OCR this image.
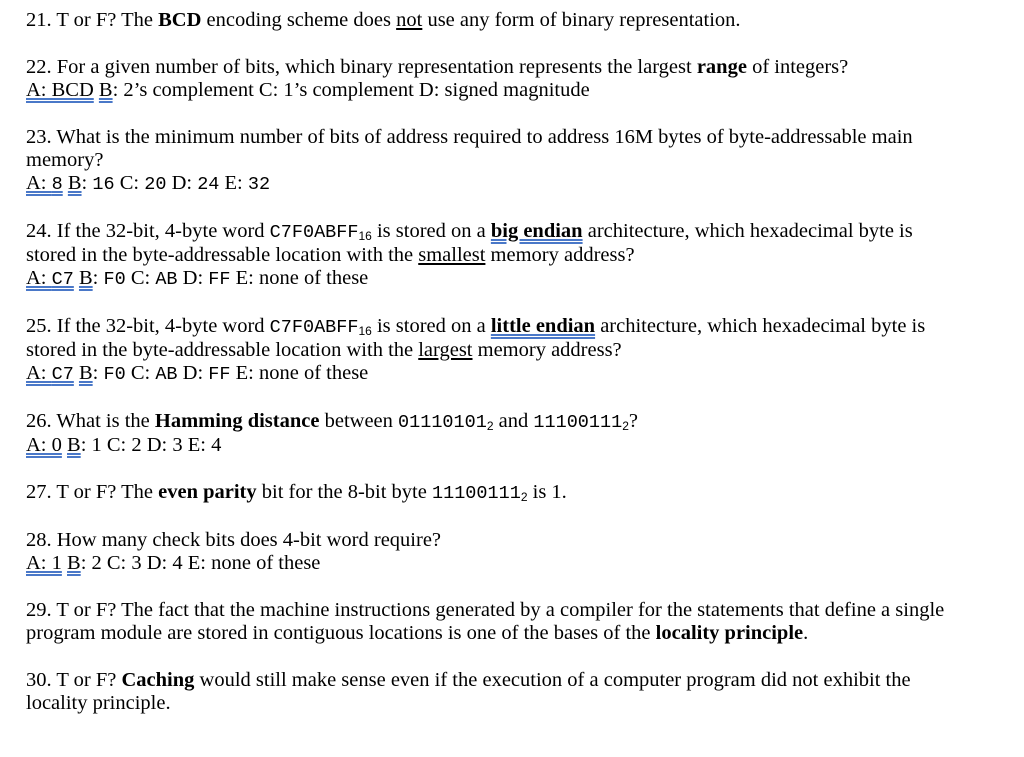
21. T or F? The BCD encoding scheme does not use any form of binary representation.

22. For a given number of bits, which binary representation represents the largest range of integers?

A: BCD B: 2’s complement C: 1’s complement D: signed magnitude

23. What is the minimum number of bits of address required to address 16M bytes of byte-addressable main

memory?

A: 8 B: 16 C: 20 D: 24 E: 32

24. If the 32-bit, 4-byte word $C7F0ABFF_{16}$ is stored on a big endian architecture, which hexadecimal byte is

stored in the byte-addressable location with the smallest memory address?

A: C7 B: F0 C: AB D: FF E: none of these

25. If the 32-bit, 4-byte word $C7F0ABFF_{16}$ is stored on a little endian architecture, which hexadecimal byte is

stored in the byte-addressable location with the largest memory address?

A: C7 B: F0 C: AB D: FF E: none of these

26. What is the Hamming distance between $01110101_2$ and $11100111_2$?

A: 0 B: 1 C: 2 D: 3 E: 4

27. T or F? The even parity bit for the 8-bit byte $11100111_2$ is 1.

28. How many check bits does 4-bit word require?

A: 1 B: 2 C: 3 D: 4 E: none of these

29. T or F? The fact that the machine instructions generated by a compiler for the statements that define a single

program module are stored in contiguous locations is one of the bases of the locality principle.

30. T or F? Caching would still make sense even if the execution of a computer program did not exhibit the

locality principle.
